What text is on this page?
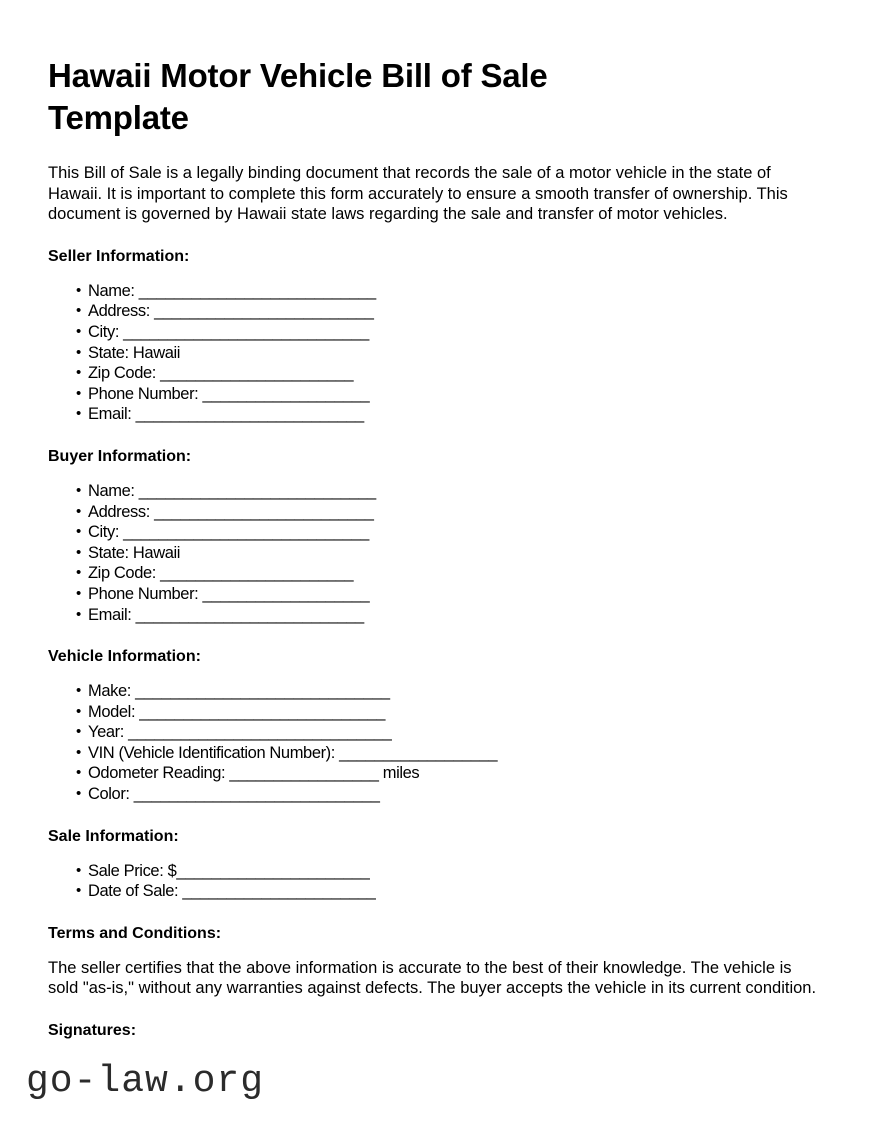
Hawaii Motor Vehicle Bill of Sale Template

This Bill of Sale is a legally binding document that records the sale of a motor vehicle in the state of Hawaii. It is important to complete this form accurately to ensure a smooth transfer of ownership. This document is governed by Hawaii state laws regarding the sale and transfer of motor vehicles.

Seller Information:
• Name: ___________________________
• Address: _________________________
• City: ____________________________
• State: Hawaii
• Zip Code: ______________________
• Phone Number: ___________________
• Email: __________________________
Buyer Information:
• Name: ___________________________
• Address: _________________________
• City: ____________________________
• State: Hawaii
• Zip Code: ______________________
• Phone Number: ___________________
• Email: __________________________
Vehicle Information:
• Make: _____________________________
• Model: ____________________________
• Year: ______________________________
• VIN (Vehicle Identification Number): __________________
• Odometer Reading: _________________ miles
• Color: ____________________________
Sale Information:
• Sale Price: $______________________
• Date of Sale: ______________________
Terms and Conditions:

The seller certifies that the above information is accurate to the best of their knowledge. The vehicle is sold "as-is," without any warranties against defects. The buyer accepts the vehicle in its current condition.

Signatures:
go-law.org
